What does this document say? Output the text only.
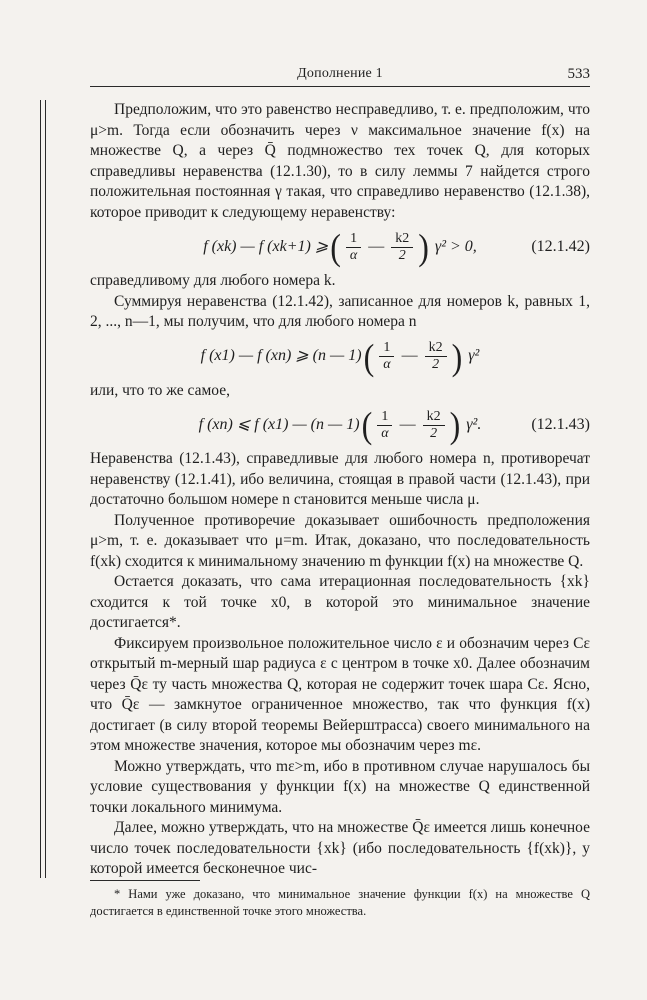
Дополнение 1	533

Предположим, что это равенство несправедливо, т. е. предположим, что μ>m. Тогда если обозначить через ν максимальное значение f(x) на множестве Q, а через Q̄ подмножество тех точек Q, для которых справедливы неравенства (12.1.30), то в силу леммы 7 найдется строго положительная постоянная γ такая, что справедливо неравенство (12.1.38), которое приводит к следующему неравенству:

f (xk) — f (xk+1) ⩾ ( $\frac{1}{\alpha}$ — $\frac{k2}{2}$ ) γ² > 0,	(12.1.42)

справедливому для любого номера k.

Суммируя неравенства (12.1.42), записанное для номеров k, равных 1, 2, ..., n—1, мы получим, что для любого номера n

f (x1) — f (xn) ⩾ (n — 1) ( $\frac{1}{\alpha}$ — $\frac{k2}{2}$ ) γ²

или, что то же самое,

f (xn) ⩽ f (x1) — (n — 1) ( $\frac{1}{\alpha}$ — $\frac{k2}{2}$ ) γ².	(12.1.43)

Неравенства (12.1.43), справедливые для любого номера n, противоречат неравенству (12.1.41), ибо величина, стоящая в правой части (12.1.43), при достаточно большом номере n становится меньше числа μ.

Полученное противоречие доказывает ошибочность предположения μ>m, т. е. доказывает что μ=m. Итак, доказано, что последовательность f(xk) сходится к минимальному значению m функции f(x) на множестве Q.

Остается доказать, что сама итерационная последовательность {xk} сходится к той точке x0, в которой это минимальное значение достигается*.

Фиксируем произвольное положительное число ε и обозначим через Cε открытый m-мерный шар радиуса ε с центром в точке x0. Далее обозначим через Q̄ε ту часть множества Q, которая не содержит точек шара Cε. Ясно, что Q̄ε — замкнутое ограниченное множество, так что функция f(x) достигает (в силу второй теоремы Вейерштрасса) своего минимального на этом множестве значения, которое мы обозначим через mε.

Можно утверждать, что mε>m, ибо в противном случае нарушалось бы условие существования у функции f(x) на множестве Q единственной точки локального минимума.

Далее, можно утверждать, что на множестве Q̄ε имеется лишь конечное число точек последовательности {xk} (ибо последовательность {f(xk)}, у которой имеется бесконечное чис-

* Нами уже доказано, что минимальное значение функции f(x) на множестве Q достигается в единственной точке этого множества.
